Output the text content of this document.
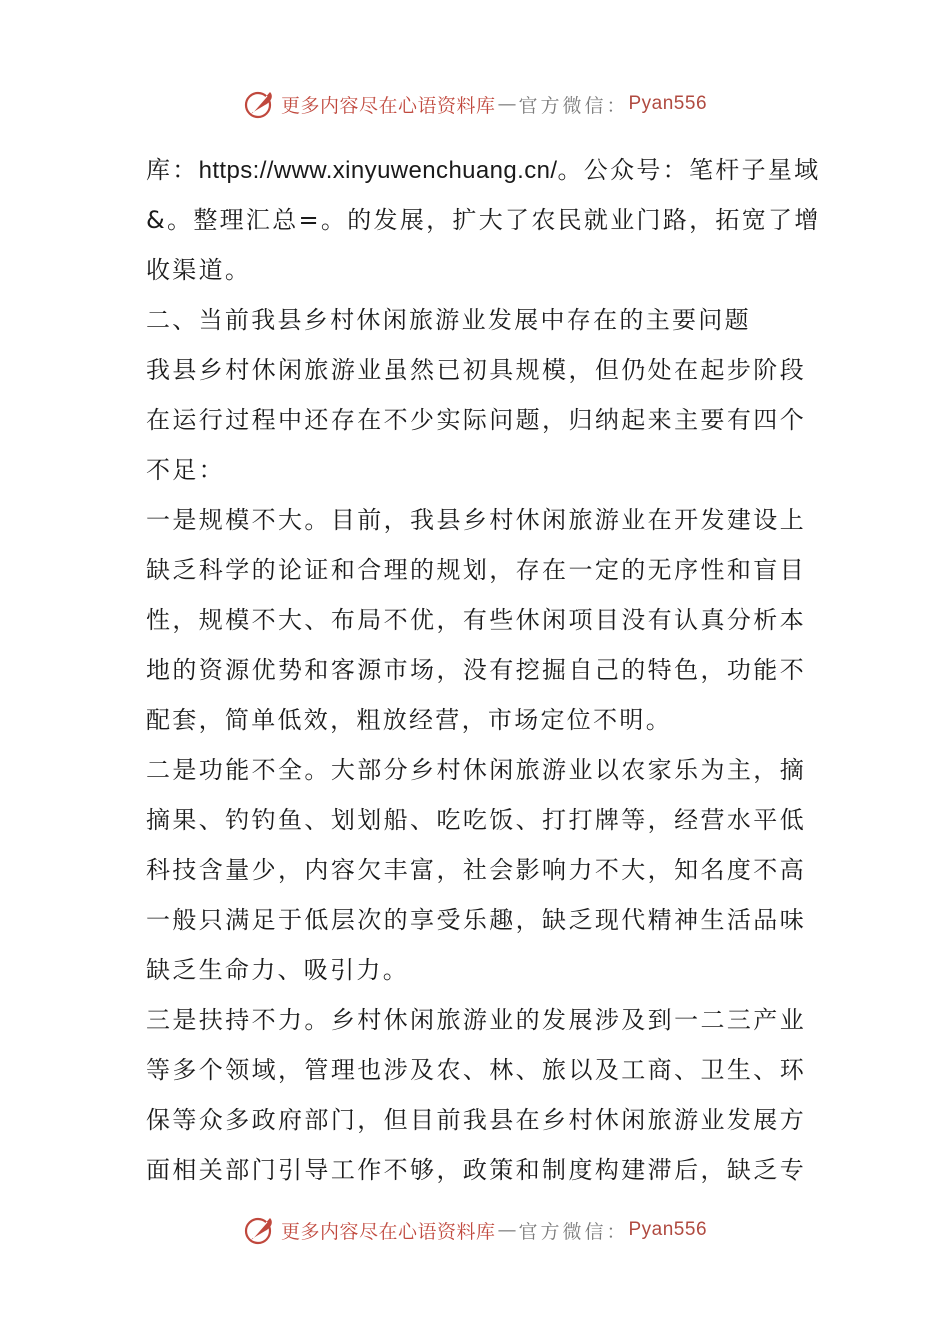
更多内容尽在心语资料库 — 官方微信： Pyan556
库：https://www.xinyuwenchuang.cn/。公众号：笔杆子星域
&。整理汇总=。的发展，扩大了农民就业门路，拓宽了增
收渠道。
二、当前我县乡村休闲旅游业发展中存在的主要问题
我县乡村休闲旅游业虽然已初具规模，但仍处在起步阶段
在运行过程中还存在不少实际问题，归纳起来主要有四个
不足：
一是规模不大。目前，我县乡村休闲旅游业在开发建设上
缺乏科学的论证和合理的规划，存在一定的无序性和盲目
性，规模不大、布局不优，有些休闲项目没有认真分析本
地的资源优势和客源市场，没有挖掘自己的特色，功能不
配套，简单低效，粗放经营，市场定位不明。
二是功能不全。大部分乡村休闲旅游业以农家乐为主，摘
摘果、钓钓鱼、划划船、吃吃饭、打打牌等，经营水平低
科技含量少，内容欠丰富，社会影响力不大，知名度不高
一般只满足于低层次的享受乐趣，缺乏现代精神生活品味
缺乏生命力、吸引力。
三是扶持不力。乡村休闲旅游业的发展涉及到一二三产业
等多个领域，管理也涉及农、林、旅以及工商、卫生、环
保等众多政府部门，但目前我县在乡村休闲旅游业发展方
面相关部门引导工作不够，政策和制度构建滞后，缺乏专
更多内容尽在心语资料库 — 官方微信： Pyan556
